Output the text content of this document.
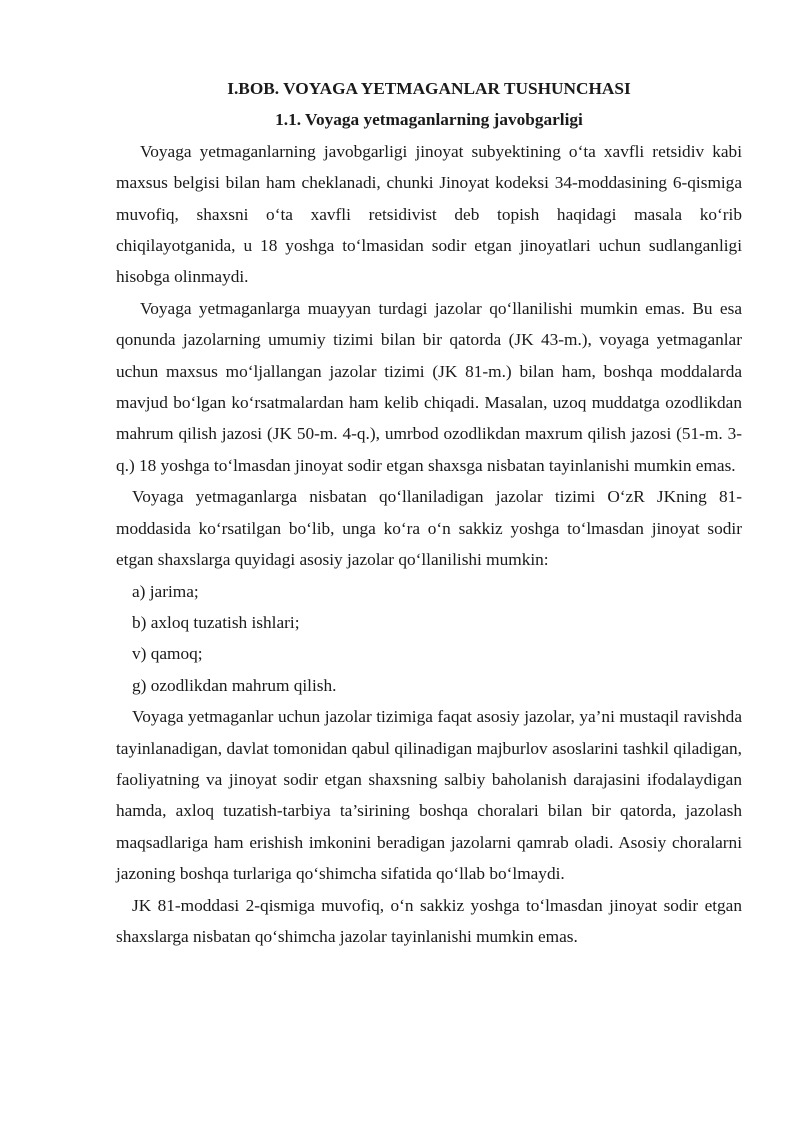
I.BOB. VOYAGA YETMAGANLAR TUSHUNCHASI

1.1. Voyaga yetmaganlarning javobgarligi

Voyaga yetmaganlarning javobgarligi jinoyat subyektining o‘ta xavfli retsidiv kabi maxsus belgisi bilan ham cheklanadi, chunki Jinoyat kodeksi 34-moddasining 6-qismiga muvofiq, shaxsni o‘ta xavfli retsidivist deb topish haqidagi masala ko‘rib chiqilayotganida, u 18 yoshga to‘lmasidan sodir etgan jinoyatlari uchun sudlanganligi hisobga olinmaydi.

Voyaga yetmaganlarga muayyan turdagi jazolar qo‘llanilishi mumkin emas. Bu esa qonunda jazolarning umumiy tizimi bilan bir qatorda (JK 43-m.), voyaga yetmaganlar uchun maxsus mo‘ljallangan jazolar tizimi (JK 81-m.) bilan ham, boshqa moddalarda mavjud bo‘lgan ko‘rsatmalardan ham kelib chiqadi. Masalan, uzoq muddatga ozodlikdan mahrum qilish jazosi (JK 50-m. 4-q.), umrbod ozodlikdan maxrum qilish jazosi (51-m. 3-q.) 18 yoshga to‘lmasdan jinoyat sodir etgan shaxsga nisbatan tayinlanishi mumkin emas.

Voyaga yetmaganlarga nisbatan qo‘llaniladigan jazolar tizimi O‘zR JKning 81-moddasida ko‘rsatilgan bo‘lib, unga ko‘ra o‘n sakkiz yoshga to‘lmasdan jinoyat sodir etgan shaxslarga quyidagi asosiy jazolar qo‘llanilishi mumkin:

a) jarima;
b) axloq tuzatish ishlari;
v) qamoq;
g) ozodlikdan mahrum qilish.

Voyaga yetmaganlar uchun jazolar tizimiga faqat asosiy jazolar, ya’ni mustaqil ravishda tayinlanadigan, davlat tomonidan qabul qilinadigan majburlov asoslarini tashkil qiladigan, faoliyatning va jinoyat sodir etgan shaxsning salbiy baholanish darajasini ifodalaydigan hamda, axloq tuzatish-tarbiya ta’sirining boshqa choralari bilan bir qatorda, jazolash maqsadlariga ham erishish imkonini beradigan jazolarni qamrab oladi. Asosiy choralarni jazoning boshqa turlariga qo‘shimcha sifatida qo‘llab bo‘lmaydi.

JK 81-moddasi 2-qismiga muvofiq, o‘n sakkiz yoshga to‘lmasdan jinoyat sodir etgan shaxslarga nisbatan qo‘shimcha jazolar tayinlanishi mumkin emas.
